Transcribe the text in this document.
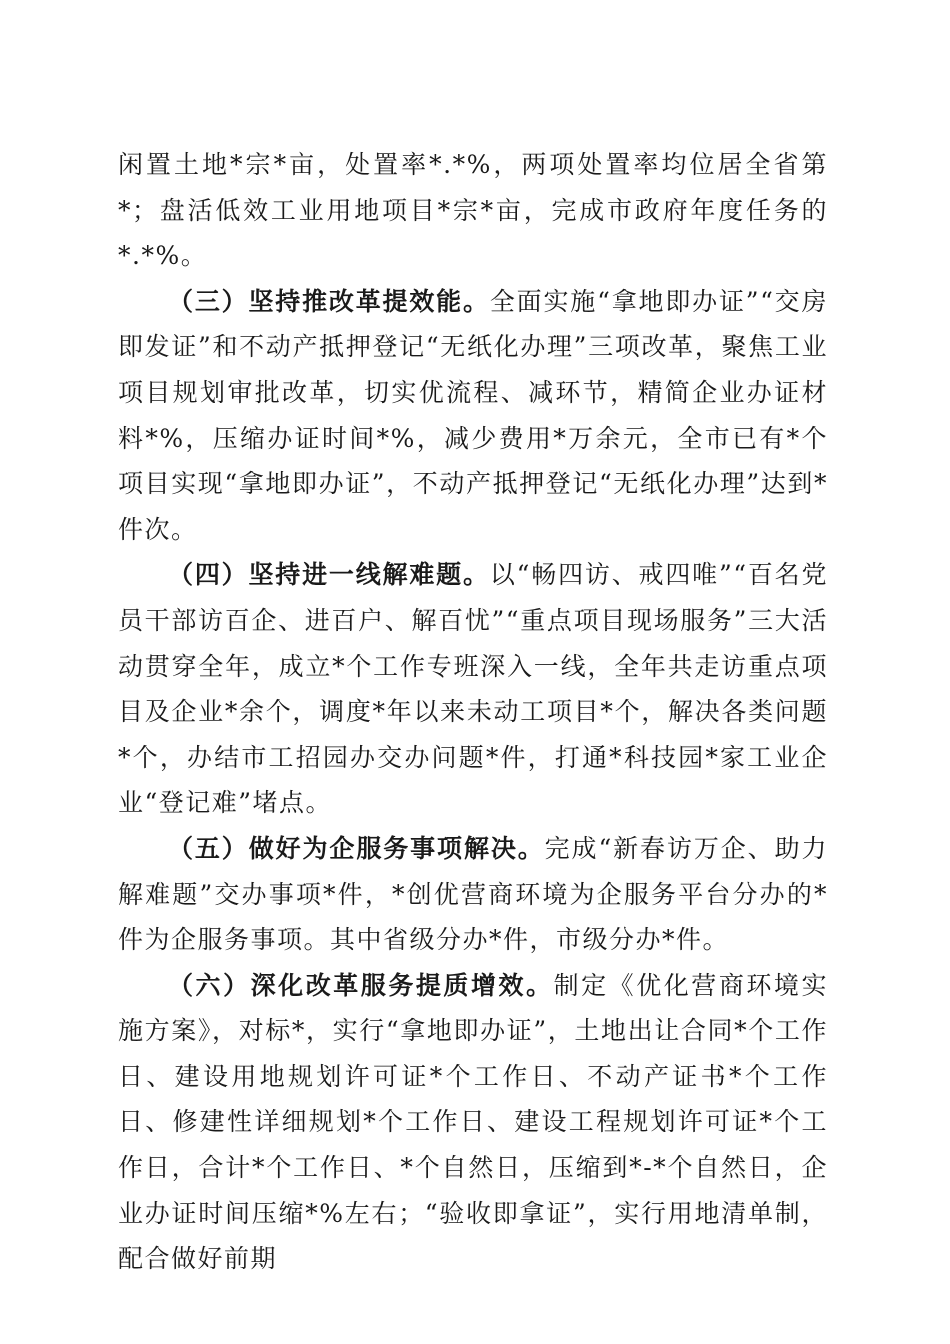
闲置土地*宗*亩，处置率*.*%，两项处置率均位居全省第*；盘活低效工业用地项目*宗*亩，完成市政府年度任务的*.*%。

（三）坚持推改革提效能。全面实施“拿地即办证”“交房即发证”和不动产抵押登记“无纸化办理”三项改革，聚焦工业项目规划审批改革，切实优流程、减环节，精简企业办证材料*%，压缩办证时间*%，减少费用*万余元，全市已有*个项目实现“拿地即办证”，不动产抵押登记“无纸化办理”达到*件次。

（四）坚持进一线解难题。以“畅四访、戒四唯”“百名党员干部访百企、进百户、解百忧”“重点项目现场服务”三大活动贯穿全年，成立*个工作专班深入一线，全年共走访重点项目及企业*余个，调度*年以来未动工项目*个，解决各类问题*个，办结市工招园办交办问题*件，打通*科技园*家工业企业“登记难”堵点。

（五）做好为企服务事项解决。完成“新春访万企、助力解难题”交办事项*件，*创优营商环境为企服务平台分办的*件为企服务事项。其中省级分办*件，市级分办*件。

（六）深化改革服务提质增效。制定《优化营商环境实施方案》，对标*，实行“拿地即办证”，土地出让合同*个工作日、建设用地规划许可证*个工作日、不动产证书*个工作日、修建性详细规划*个工作日、建设工程规划许可证*个工作日，合计*个工作日、*个自然日，压缩到*-*个自然日，企业办证时间压缩*%左右；“验收即拿证”，实行用地清单制，配合做好前期
